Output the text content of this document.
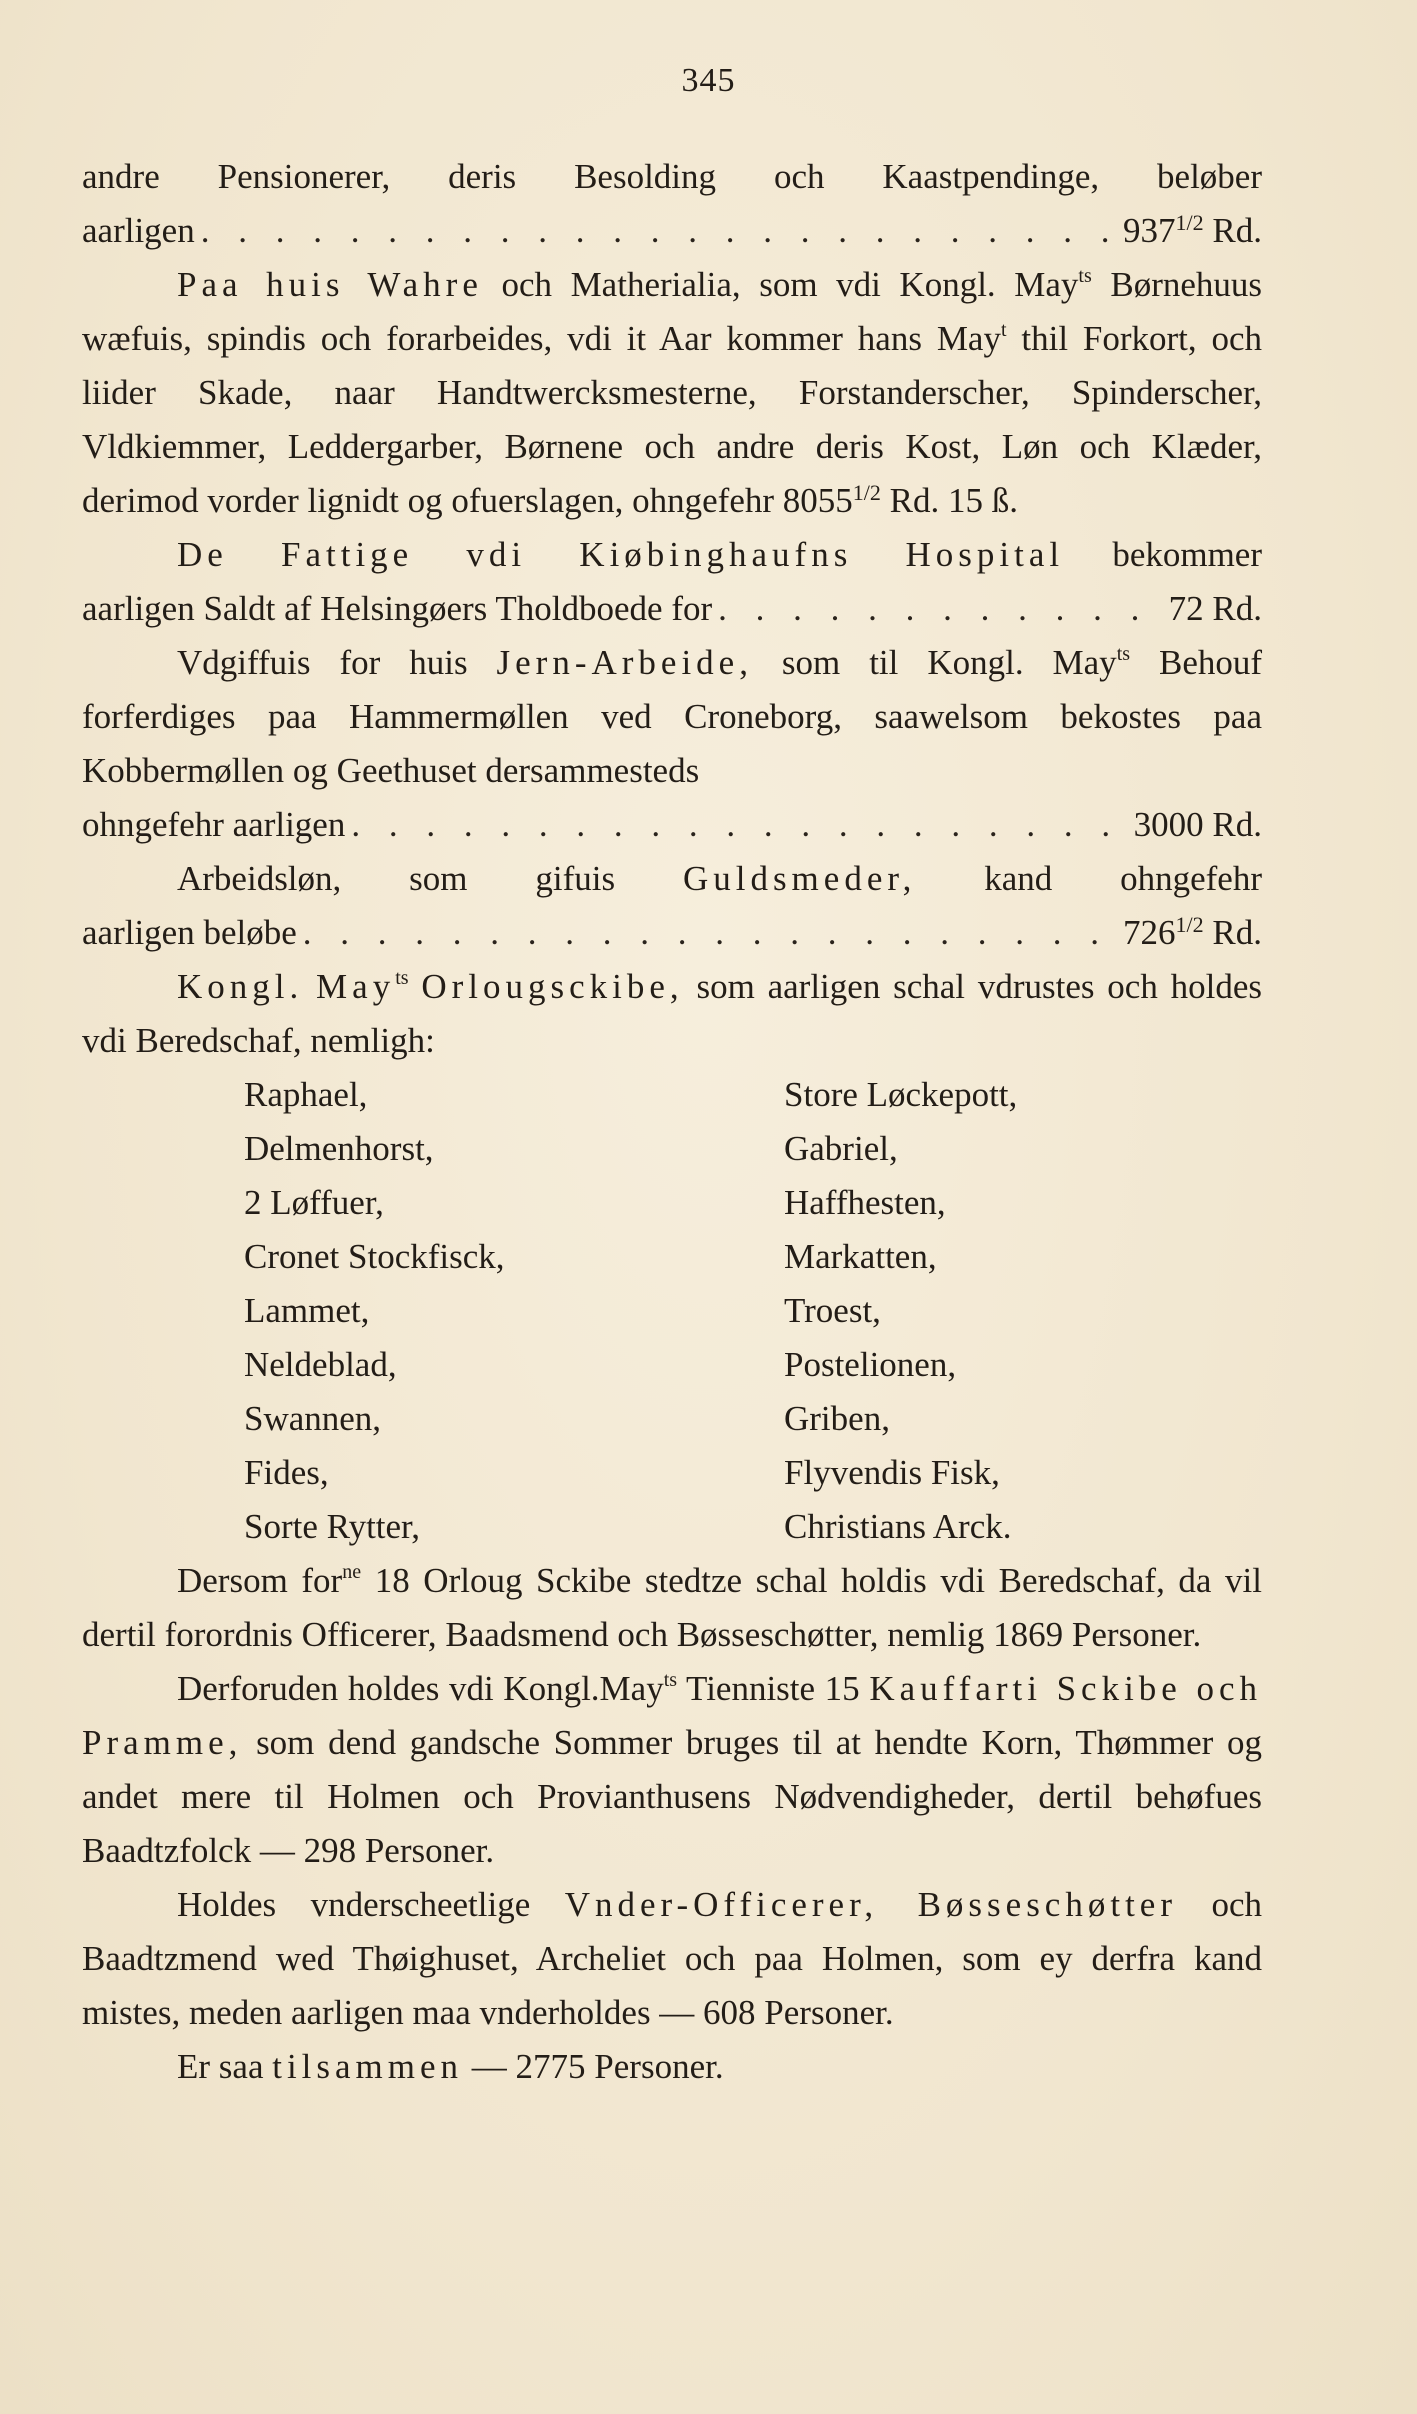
345
andre Pensionerer, deris Besolding och Kaastpendinge, beløber
aarligen . . .	$937^{1/2}$ Rd.

Paa huis Wahre och Matherialia, som vdi Kongl. May$^{ts}$ Børnehuus wæfuis, spindis och forarbeides, vdi it Aar kommer hans May$^t$ thil Forkort, och liider Skade, naar Handtwercksmesterne, Forstanderscher, Spinderscher, Vldkiemmer, Leddergarber, Børnene och andre deris Kost, Løn och Klæder, derimod vorder lignidt og ofuerslagen, ohngefehr $8055^{1/2}$ Rd. 15 ß.

De Fattige vdi Kiøbinghaufns Hospital bekommer
aarligen Saldt af Helsingøers Tholdboede for . . .	72 Rd.

Vdgiffuis for huis Jern-Arbeide, som til Kongl. May$^{ts}$ Behouf forferdiges paa Hammermøllen ved Croneborg, saawelsom bekostes paa Kobbermøllen og Geethuset dersammesteds

ohngefehr aarligen . . .	3000 Rd.
Arbeidsløn, som gifuis Guldsmeder, kand ohngefehr
aarligen beløbe . . .	$726^{1/2}$ Rd.

Kongl. May$^{ts}$ Orlougsckibe, som aarligen schal vdrustes och holdes vdi Beredschaf, nemligh:

Raphael,	Store Løckepott,
Delmenhorst,	Gabriel,
2 Løffuer,	Haffhesten,
Cronet Stockfisck,	Markatten,
Lammet,	Troest,
Neldeblad,	Postelionen,
Swannen,	Griben,
Fides,	Flyvendis Fisk,
Sorte Rytter,	Christians Arck.

Dersom for$^{ne}$ 18 Orloug Sckibe stedtze schal holdis vdi Beredschaf, da vil dertil forordnis Officerer, Baadsmend och Bøsseschøtter, nemlig 1869 Personer.

Derforuden holdes vdi Kongl.May$^{ts}$ Tienniste 15 Kauffarti Sckibe och Pramme, som dend gandsche Sommer bruges til at hendte Korn, Thømmer og andet mere til Holmen och Provianthusens Nødvendigheder, dertil behøfues Baadtzfolck — 298 Personer.

Holdes vnderscheetlige Vnder-Officerer, Bøsseschøtter och Baadtzmend wed Thøighuset, Archeliet och paa Holmen, som ey derfra kand mistes, meden aarligen maa vnderholdes — 608 Personer.

Er saa tilsammen — 2775 Personer.
